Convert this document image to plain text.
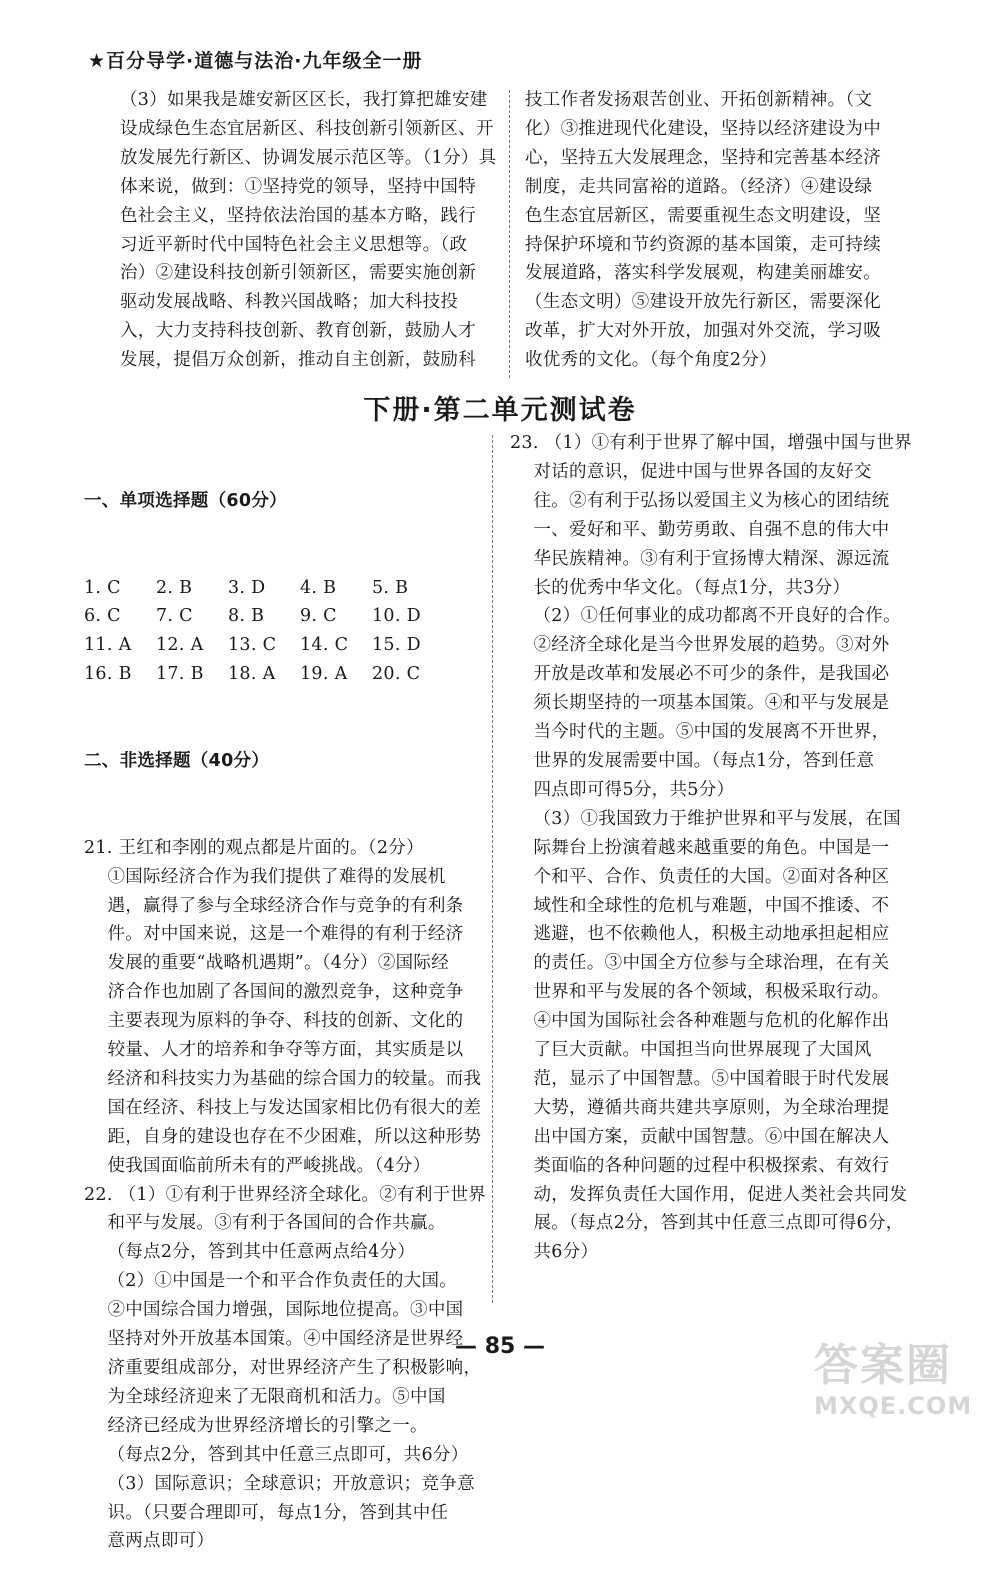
★百分导学·道德与法治·九年级全一册

（3）如果我是雄安新区区长，我打算把雄安建

设成绿色生态宜居新区、科技创新引领新区、开

放发展先行新区、协调发展示范区等。（1分）具

体来说，做到：①坚持党的领导，坚持中国特

色社会主义，坚持依法治国的基本方略，践行

习近平新时代中国特色社会主义思想等。（政

治）②建设科技创新引领新区，需要实施创新

驱动发展战略、科教兴国战略；加大科技投

入，大力支持科技创新、教育创新，鼓励人才

发展，提倡万众创新，推动自主创新，鼓励科

技工作者发扬艰苦创业、开拓创新精神。（文

化）③推进现代化建设，坚持以经济建设为中

心，坚持五大发展理念，坚持和完善基本经济

制度，走共同富裕的道路。（经济）④建设绿

色生态宜居新区，需要重视生态文明建设，坚

持保护环境和节约资源的基本国策，走可持续

发展道路，落实科学发展观，构建美丽雄安。

（生态文明）⑤建设开放先行新区，需要深化

改革，扩大对外开放，加强对外交流，学习吸

收优秀的文化。（每个角度2分）

下册·第二单元测试卷

一、单项选择题（60分）

1. C	2. B	3. D	4. B	5. B
6. C	7. C	8. B	9. C	10. D
11. A	12. A	13. C	14. C	15. D
16. B	17. B	18. A	19. A	20. C

二、非选择题（40分）

21. 王红和李刚的观点都是片面的。（2分）

①国际经济合作为我们提供了难得的发展机

遇，赢得了参与全球经济合作与竞争的有利条

件。对中国来说，这是一个难得的有利于经济

发展的重要“战略机遇期”。（4分）②国际经

济合作也加剧了各国间的激烈竞争，这种竞争

主要表现为原料的争夺、科技的创新、文化的

较量、人才的培养和争夺等方面，其实质是以

经济和科技实力为基础的综合国力的较量。而我

国在经济、科技上与发达国家相比仍有很大的差

距，自身的建设也存在不少困难，所以这种形势

使我国面临前所未有的严峻挑战。（4分）

22. （1）①有利于世界经济全球化。②有利于世界

和平与发展。③有利于各国间的合作共赢。

（每点2分，答到其中任意两点给4分）

（2）①中国是一个和平合作负责任的大国。

②中国综合国力增强，国际地位提高。③中国

坚持对外开放基本国策。④中国经济是世界经

济重要组成部分，对世界经济产生了积极影响，

为全球经济迎来了无限商机和活力。⑤中国

经济已经成为世界经济增长的引擎之一。

（每点2分，答到其中任意三点即可，共6分）

（3）国际意识；全球意识；开放意识；竞争意

识。（只要合理即可，每点1分，答到其中任

意两点即可）

23. （1）①有利于世界了解中国，增强中国与世界

对话的意识，促进中国与世界各国的友好交

往。②有利于弘扬以爱国主义为核心的团结统

一、爱好和平、勤劳勇敢、自强不息的伟大中

华民族精神。③有利于宣扬博大精深、源远流

长的优秀中华文化。（每点1分，共3分）

（2）①任何事业的成功都离不开良好的合作。

②经济全球化是当今世界发展的趋势。③对外

开放是改革和发展必不可少的条件，是我国必

须长期坚持的一项基本国策。④和平与发展是

当今时代的主题。⑤中国的发展离不开世界，

世界的发展需要中国。（每点1分，答到任意

四点即可得5分，共5分）

（3）①我国致力于维护世界和平与发展，在国

际舞台上扮演着越来越重要的角色。中国是一

个和平、合作、负责任的大国。②面对各种区

域性和全球性的危机与难题，中国不推诿、不

逃避，也不依赖他人，积极主动地承担起相应

的责任。③中国全方位参与全球治理，在有关

世界和平与发展的各个领域，积极采取行动。

④中国为国际社会各种难题与危机的化解作出

了巨大贡献。中国担当向世界展现了大国风

范，显示了中国智慧。⑤中国着眼于时代发展

大势，遵循共商共建共享原则，为全球治理提

出中国方案，贡献中国智慧。⑥中国在解决人

类面临的各种问题的过程中积极探索、有效行

动，发挥负责任大国作用，促进人类社会共同发

展。（每点2分，答到其中任意三点即可得6分，

共6分）

— 85 —	答案圈
MXQE.COM
